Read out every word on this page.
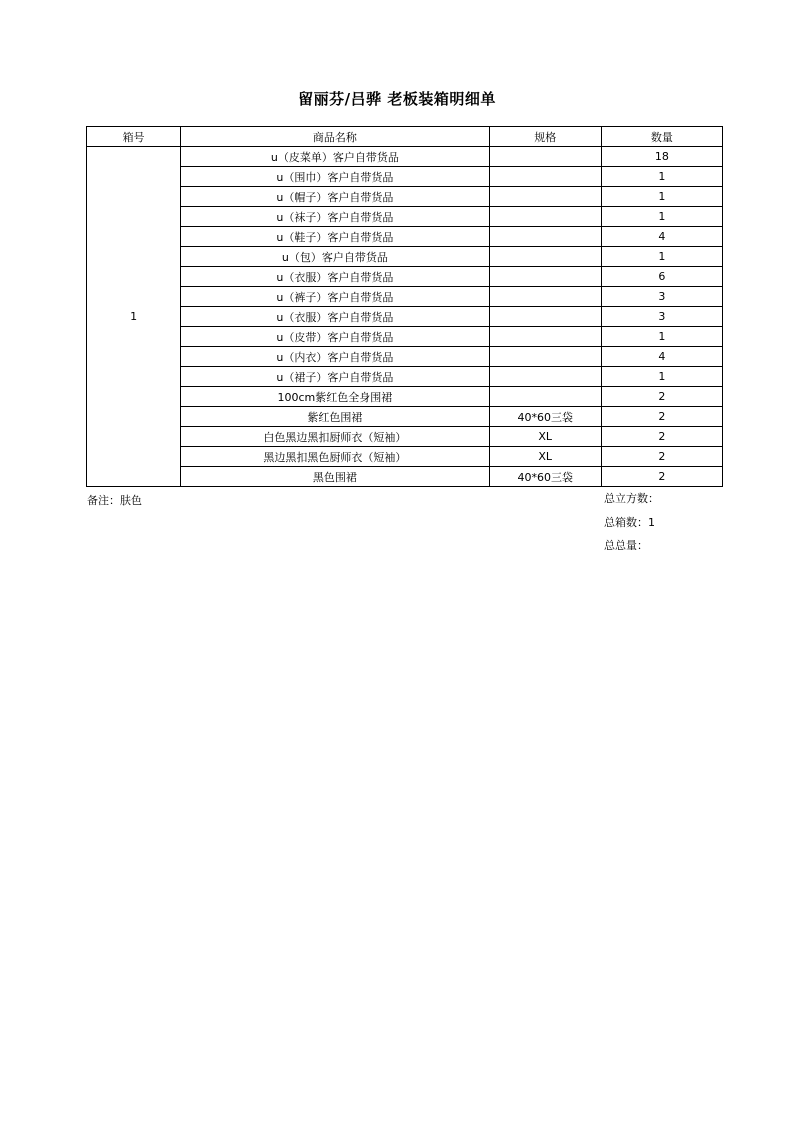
留丽芬/吕骅 老板装箱明细单
箱号	商品名称	规格	数量
1	u（皮菜单）客户自带货品		18
	u（围巾）客户自带货品		1
	u（帽子）客户自带货品		1
	u（袜子）客户自带货品		1
	u（鞋子）客户自带货品		4
	u（包）客户自带货品		1
	u（衣服）客户自带货品		6
	u（裤子）客户自带货品		3
	u（衣服）客户自带货品		3
	u（皮带）客户自带货品		1
	u（内衣）客户自带货品		4
	u（裙子）客户自带货品		1
	100cm紫红色全身围裙		2
	紫红色围裙	40*60三袋	2
	白色黑边黑扣厨师衣（短袖）	XL	2
	黑边黑扣黑色厨师衣（短袖）	XL	2
	黑色围裙	40*60三袋	2
备注：肤色	总立方数：
总箱数：1
总总量：
